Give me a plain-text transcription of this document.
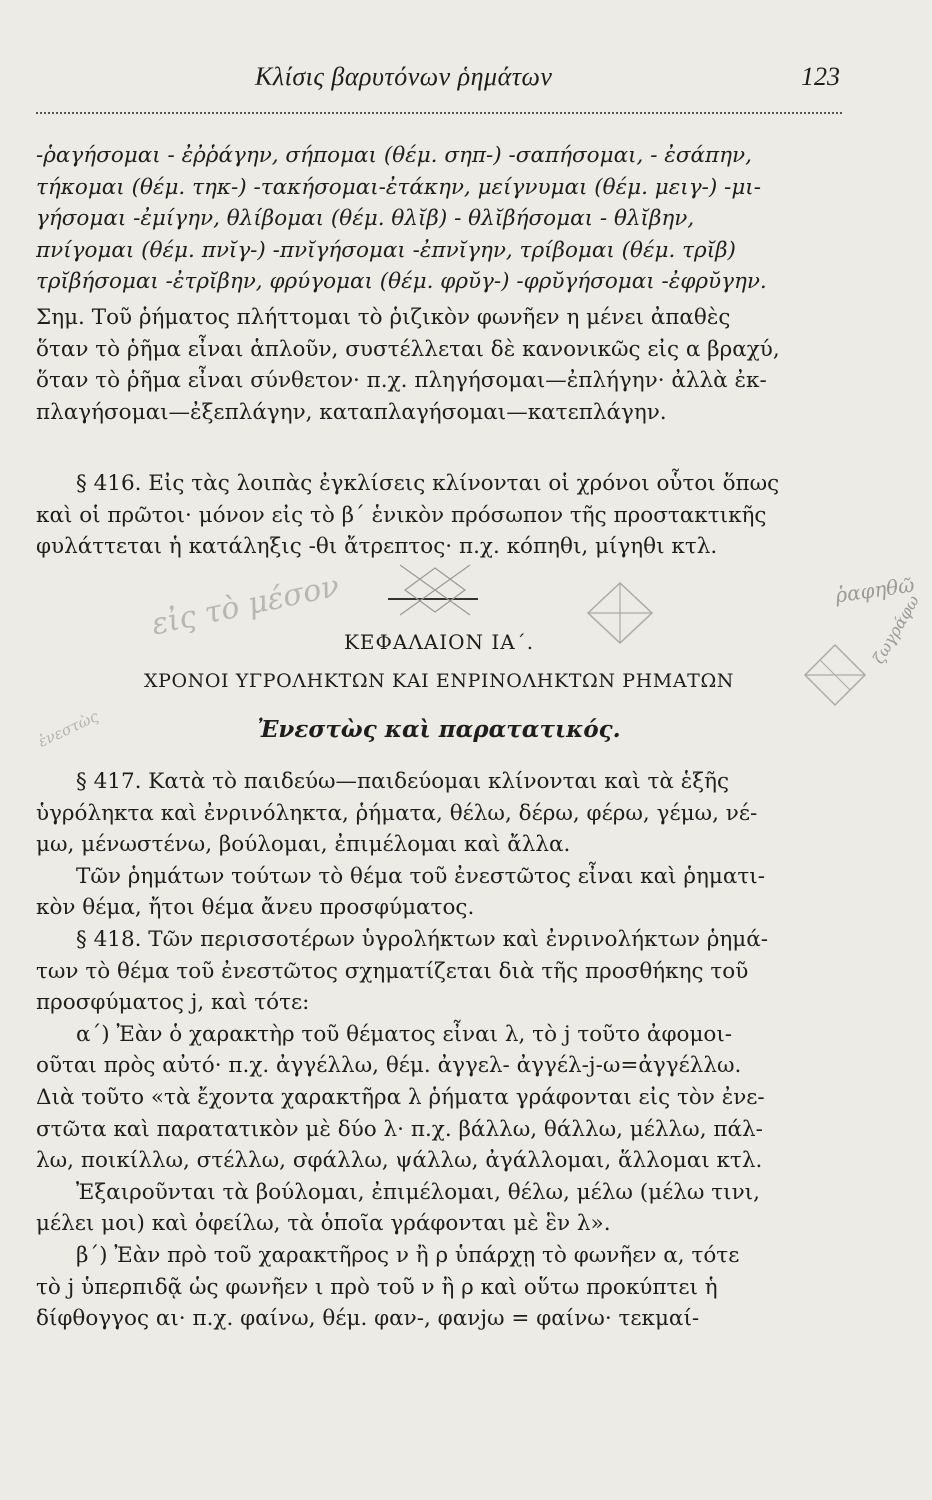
Κλίσις βαρυτόνων ῥημάτων	123
-ῥαγήσομαι - ἐῤῥάγην, σήπομαι (θέμ. σηπ-) -σαπήσομαι, - ἐσάπην,
τήκομαι (θέμ. τηκ-) -τακήσομαι-ἐτάκην, μείγνυμαι (θέμ. μειγ-) -μι-
γήσομαι -ἐμίγην, θλίβομαι (θέμ. θλῐβ) - θλῐβήσομαι - θλῐβην,
πνίγομαι (θέμ. πνῐγ-) -πνῐγήσομαι -ἐπνῐγην, τρίβομαι (θέμ. τρῐβ)
τρῐβήσομαι -ἐτρῐβην, φρύγομαι (θέμ. φρῠγ-) -φρῠγήσομαι -ἐφρῠγην.
Σημ. Τοῦ ῥήματος πλήττομαι τὸ ῥιζικὸν φωνῆεν η μένει ἀπαθὲς
ὅταν τὸ ῥῆμα εἶναι ἁπλοῦν, συστέλλεται δὲ κανονικῶς εἰς α βραχύ,
ὅταν τὸ ῥῆμα εἶναι σύνθετον· π.χ. πληγήσομαι—ἐπλήγην· ἀλλὰ ἐκ-
πλαγήσομαι—ἐξεπλάγην, καταπλαγήσομαι—κατεπλάγην.
§ 416. Εἰς τὰς λοιπὰς ἐγκλίσεις κλίνονται οἱ χρόνοι οὗτοι ὅπως
καὶ οἱ πρῶτοι· μόνον εἰς τὸ β΄ ἑνικὸν πρόσωπον τῆς προστακτικῆς
φυλάττεται ἡ κατάληξις -θι ἄτρεπτος· π.χ. κόπηθι, μίγηθι κτλ.
ΚΕΦΑΛΑΙΟΝ ΙΑ΄.
ΧΡΟΝΟΙ ΥΓΡΟΛΗΚΤΩΝ ΚΑΙ ΕΝΡΙΝΟΛΗΚΤΩΝ ΡΗΜΑΤΩΝ
Ἐνεστὼς καὶ παρατατικός.
§ 417. Κατὰ τὸ παιδεύω—παιδεύομαι κλίνονται καὶ τὰ ἑξῆς
ὑγρόληκτα καὶ ἐνρινόληκτα, ῥήματα, θέλω, δέρω, φέρω, γέμω, νέ-
μω, μένωστένω, βούλομαι, ἐπιμέλομαι καὶ ἄλλα.
Τῶν ῥημάτων τούτων τὸ θέμα τοῦ ἐνεστῶτος εἶναι καὶ ῥηματι-
κὸν θέμα, ἤτοι θέμα ἄνευ προσφύματος.
§ 418. Τῶν περισσοτέρων ὑγρολήκτων καὶ ἐνρινολήκτων ῥημά-
των τὸ θέμα τοῦ ἐνεστῶτος σχηματίζεται διὰ τῆς προσθήκης τοῦ
προσφύματος j, καὶ τότε:
α΄) Ἐὰν ὁ χαρακτὴρ τοῦ θέματος εἶναι λ, τὸ j τοῦτο ἀφομοι-
οῦται πρὸς αὐτό· π.χ. ἀγγέλλω, θέμ. ἀγγελ- ἀγγέλ-j-ω=ἀγγέλλω.
Διὰ τοῦτο «τὰ ἔχοντα χαρακτῆρα λ ῥήματα γράφονται εἰς τὸν ἐνε-
στῶτα καὶ παρατατικὸν μὲ δύο λ· π.χ. βάλλω, θάλλω, μέλλω, πάλ-
λω, ποικίλλω, στέλλω, σφάλλω, ψάλλω, ἀγάλλομαι, ἅλλομαι κτλ.
Ἐξαιροῦνται τὰ βούλομαι, ἐπιμέλομαι, θέλω, μέλω (μέλω τινι,
μέλει μοι) καὶ ὀφείλω, τὰ ὁποῖα γράφονται μὲ ἓν λ».
β΄) Ἐὰν πρὸ τοῦ χαρακτῆρος ν ἢ ρ ὑπάρχῃ τὸ φωνῆεν α, τότε
τὸ j ὑπερπιδᾷ ὡς φωνῆεν ι πρὸ τοῦ ν ἢ ρ καὶ οὕτω προκύπτει ἡ
δίφθογγος αι· π.χ. φαίνω, θέμ. φαν-, φανjω = φαίνω· τεκμαί-
ῥαφηθῶ
ζωγράφω
εἰς τὸ μέσον
ἐνεστὼς
